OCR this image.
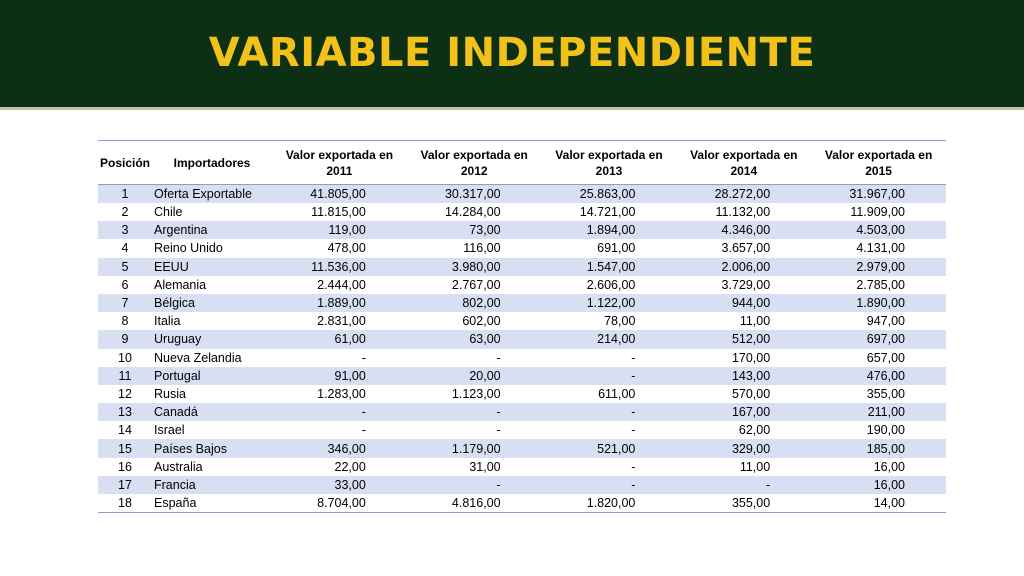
VARIABLE INDEPENDIENTE
Posición	Importadores	Valor exportada en 2011	Valor exportada en 2012	Valor exportada en 2013	Valor exportada en 2014	Valor exportada en 2015
1	Oferta Exportable	41.805,00	30.317,00	25.863,00	28.272,00	31.967,00
2	Chile	11.815,00	14.284,00	14.721,00	11.132,00	11.909,00
3	Argentina	119,00	73,00	1.894,00	4.346,00	4.503,00
4	Reino Unido	478,00	116,00	691,00	3.657,00	4.131,00
5	EEUU	11.536,00	3.980,00	1.547,00	2.006,00	2.979,00
6	Alemania	2.444,00	2.767,00	2.606,00	3.729,00	2.785,00
7	Bélgica	1.889,00	802,00	1.122,00	944,00	1.890,00
8	Italia	2.831,00	602,00	78,00	11,00	947,00
9	Uruguay	61,00	63,00	214,00	512,00	697,00
10	Nueva Zelandia	-	-	-	170,00	657,00
11	Portugal	91,00	20,00	-	143,00	476,00
12	Rusia	1.283,00	1.123,00	611,00	570,00	355,00
13	Canadá	-	-	-	167,00	211,00
14	Israel	-	-	-	62,00	190,00
15	Países Bajos	346,00	1.179,00	521,00	329,00	185,00
16	Australia	22,00	31,00	-	11,00	16,00
17	Francia	33,00	-	-	-	16,00
18	España	8.704,00	4.816,00	1.820,00	355,00	14,00
